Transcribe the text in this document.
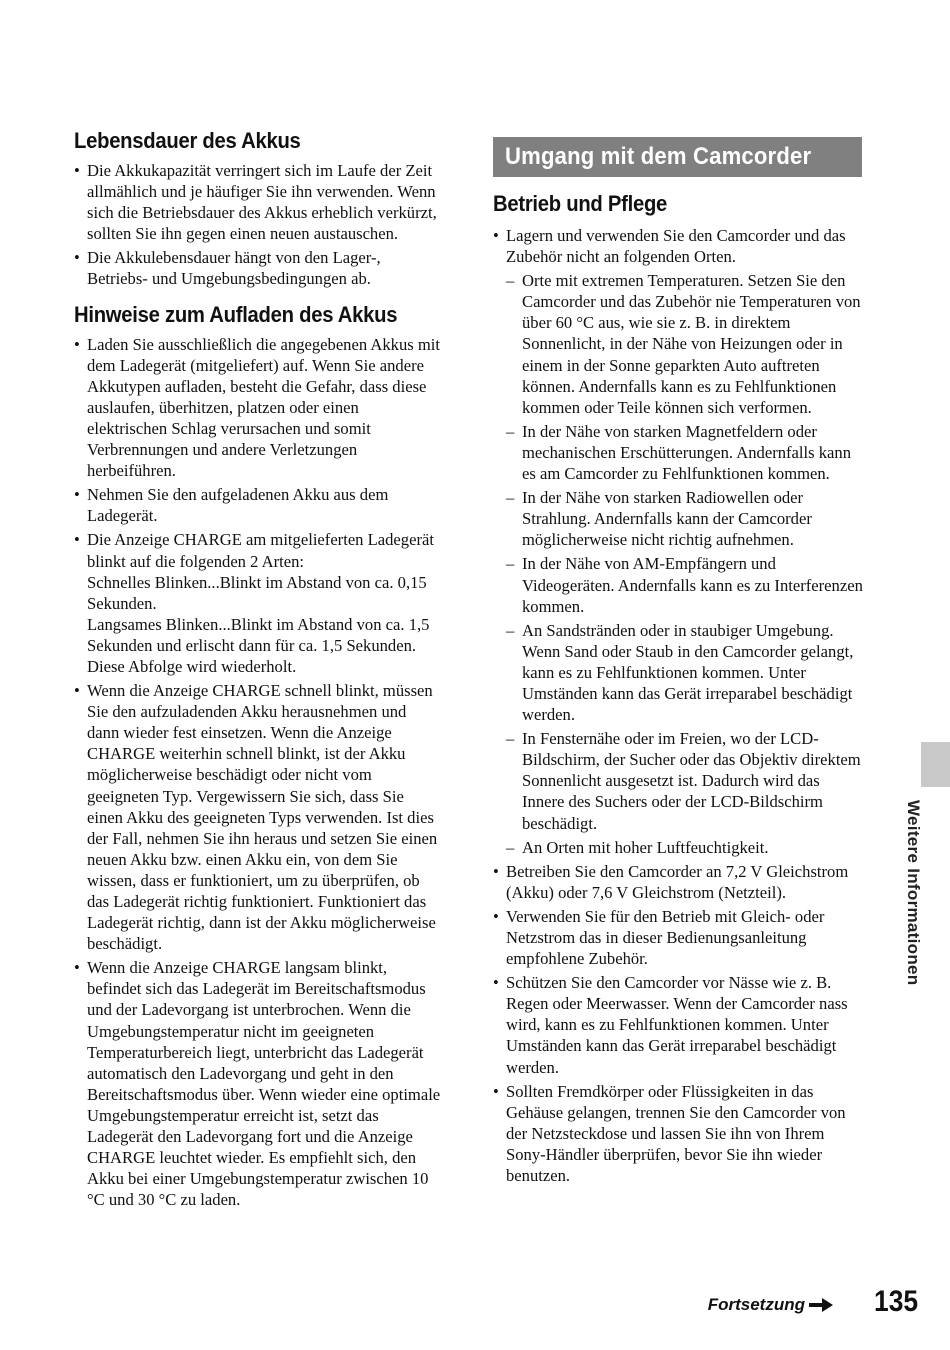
Lebensdauer des Akkus
• Die Akkukapazität verringert sich im Laufe der Zeit allmählich und je häufiger Sie ihn verwenden. Wenn sich die Betriebsdauer des Akkus erheblich verkürzt, sollten Sie ihn gegen einen neuen austauschen.
• Die Akkulebensdauer hängt von den Lager-, Betriebs- und Umgebungsbedingungen ab.
Hinweise zum Aufladen des Akkus
• Laden Sie ausschließlich die angegebenen Akkus mit dem Ladegerät (mitgeliefert) auf. Wenn Sie andere Akkutypen aufladen, besteht die Gefahr, dass diese auslaufen, überhitzen, platzen oder einen elektrischen Schlag verursachen und somit Verbrennungen und andere Verletzungen herbeiführen.
• Nehmen Sie den aufgeladenen Akku aus dem Ladegerät.
• Die Anzeige CHARGE am mitgelieferten Ladegerät blinkt auf die folgenden 2 Arten:
Schnelles Blinken...Blinkt im Abstand von ca. 0,15 Sekunden.
Langsames Blinken...Blinkt im Abstand von ca. 1,5 Sekunden und erlischt dann für ca. 1,5 Sekunden. Diese Abfolge wird wiederholt.
• Wenn die Anzeige CHARGE schnell blinkt, müssen Sie den aufzuladenden Akku herausnehmen und dann wieder fest einsetzen. Wenn die Anzeige CHARGE weiterhin schnell blinkt, ist der Akku möglicherweise beschädigt oder nicht vom geeigneten Typ. Vergewissern Sie sich, dass Sie einen Akku des geeigneten Typs verwenden. Ist dies der Fall, nehmen Sie ihn heraus und setzen Sie einen neuen Akku bzw. einen Akku ein, von dem Sie wissen, dass er funktioniert, um zu überprüfen, ob das Ladegerät richtig funktioniert. Funktioniert das Ladegerät richtig, dann ist der Akku möglicherweise beschädigt.
• Wenn die Anzeige CHARGE langsam blinkt, befindet sich das Ladegerät im Bereitschaftsmodus und der Ladevorgang ist unterbrochen. Wenn die Umgebungstemperatur nicht im geeigneten Temperaturbereich liegt, unterbricht das Ladegerät automatisch den Ladevorgang und geht in den Bereitschaftsmodus über. Wenn wieder eine optimale Umgebungstemperatur erreicht ist, setzt das Ladegerät den Ladevorgang fort und die Anzeige CHARGE leuchtet wieder. Es empfiehlt sich, den Akku bei einer Umgebungstemperatur zwischen 10 °C und 30 °C zu laden.
Umgang mit dem Camcorder
Betrieb und Pflege
• Lagern und verwenden Sie den Camcorder und das Zubehör nicht an folgenden Orten.
– Orte mit extremen Temperaturen. Setzen Sie den Camcorder und das Zubehör nie Temperaturen von über 60 °C aus, wie sie z. B. in direktem Sonnenlicht, in der Nähe von Heizungen oder in einem in der Sonne geparkten Auto auftreten können. Andernfalls kann es zu Fehlfunktionen kommen oder Teile können sich verformen.
– In der Nähe von starken Magnetfeldern oder mechanischen Erschütterungen. Andernfalls kann es am Camcorder zu Fehlfunktionen kommen.
– In der Nähe von starken Radiowellen oder Strahlung. Andernfalls kann der Camcorder möglicherweise nicht richtig aufnehmen.
– In der Nähe von AM-Empfängern und Videogeräten. Andernfalls kann es zu Interferenzen kommen.
– An Sandstränden oder in staubiger Umgebung. Wenn Sand oder Staub in den Camcorder gelangt, kann es zu Fehlfunktionen kommen. Unter Umständen kann das Gerät irreparabel beschädigt werden.
– In Fensternähe oder im Freien, wo der LCD-Bildschirm, der Sucher oder das Objektiv direktem Sonnenlicht ausgesetzt ist. Dadurch wird das Innere des Suchers oder der LCD-Bildschirm beschädigt.
– An Orten mit hoher Luftfeuchtigkeit.
• Betreiben Sie den Camcorder an 7,2 V Gleichstrom (Akku) oder 7,6 V Gleichstrom (Netzteil).
• Verwenden Sie für den Betrieb mit Gleich- oder Netzstrom das in dieser Bedienungsanleitung empfohlene Zubehör.
• Schützen Sie den Camcorder vor Nässe wie z. B. Regen oder Meerwasser. Wenn der Camcorder nass wird, kann es zu Fehlfunktionen kommen. Unter Umständen kann das Gerät irreparabel beschädigt werden.
• Sollten Fremdkörper oder Flüssigkeiten in das Gehäuse gelangen, trennen Sie den Camcorder von der Netzsteckdose und lassen Sie ihn von Ihrem Sony-Händler überprüfen, bevor Sie ihn wieder benutzen.
Weitere Informationen
Fortsetzung 135
